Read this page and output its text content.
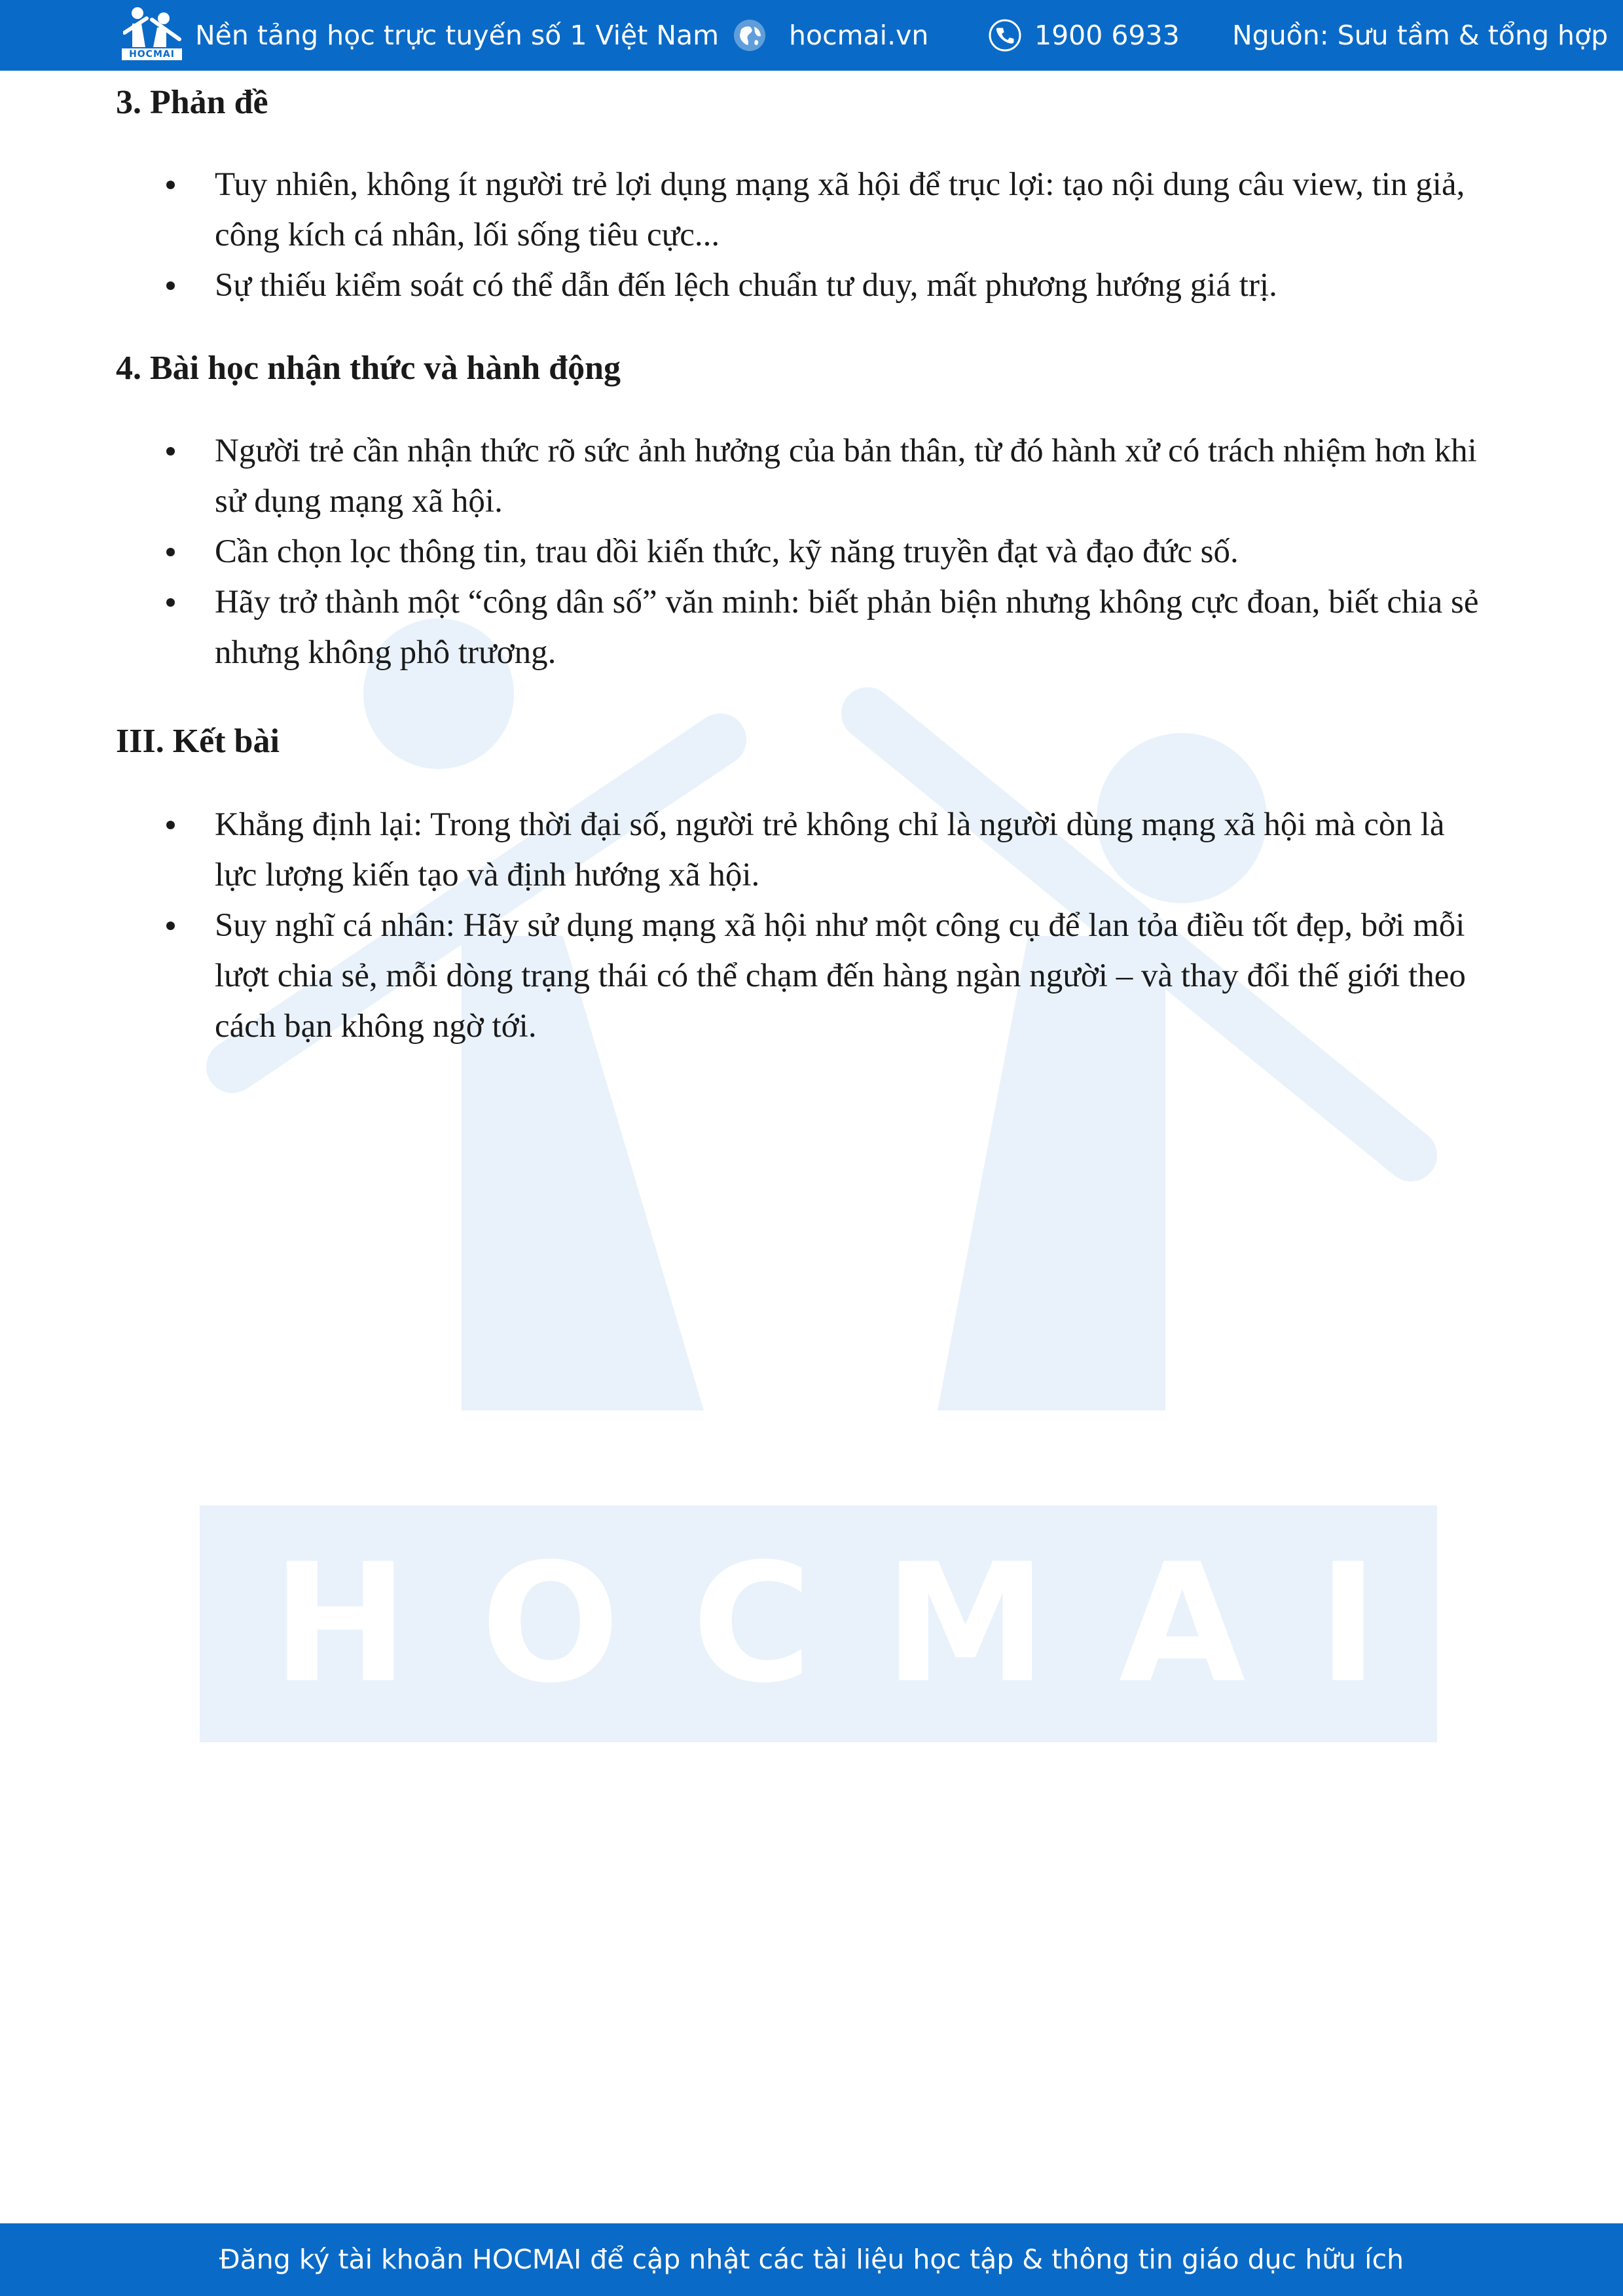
HOCMAI
HOCMAI
Nền tảng học trực tuyến số 1 Việt Nam	hocmai.vn	1900 6933 Nguồn: Sưu tầm & tổng hợp
3. Phản đề
Tuy nhiên, không ít người trẻ lợi dụng mạng xã hội để trục lợi: tạo nội dung câu view, tin giả, công kích cá nhân, lối sống tiêu cực...
Sự thiếu kiểm soát có thể dẫn đến lệch chuẩn tư duy, mất phương hướng giá trị.
4. Bài học nhận thức và hành động
Người trẻ cần nhận thức rõ sức ảnh hưởng của bản thân, từ đó hành xử có trách nhiệm hơn khi sử dụng mạng xã hội.
Cần chọn lọc thông tin, trau dồi kiến thức, kỹ năng truyền đạt và đạo đức số.
Hãy trở thành một “công dân số” văn minh: biết phản biện nhưng không cực đoan, biết chia sẻ nhưng không phô trương.
III. Kết bài
Khẳng định lại: Trong thời đại số, người trẻ không chỉ là người dùng mạng xã hội mà còn là lực lượng kiến tạo và định hướng xã hội.
Suy nghĩ cá nhân: Hãy sử dụng mạng xã hội như một công cụ để lan tỏa điều tốt đẹp, bởi mỗi lượt chia sẻ, mỗi dòng trạng thái có thể chạm đến hàng ngàn người – và thay đổi thế giới theo cách bạn không ngờ tới.
Đăng ký tài khoản HOCMAI để cập nhật các tài liệu học tập & thông tin giáo dục hữu ích
